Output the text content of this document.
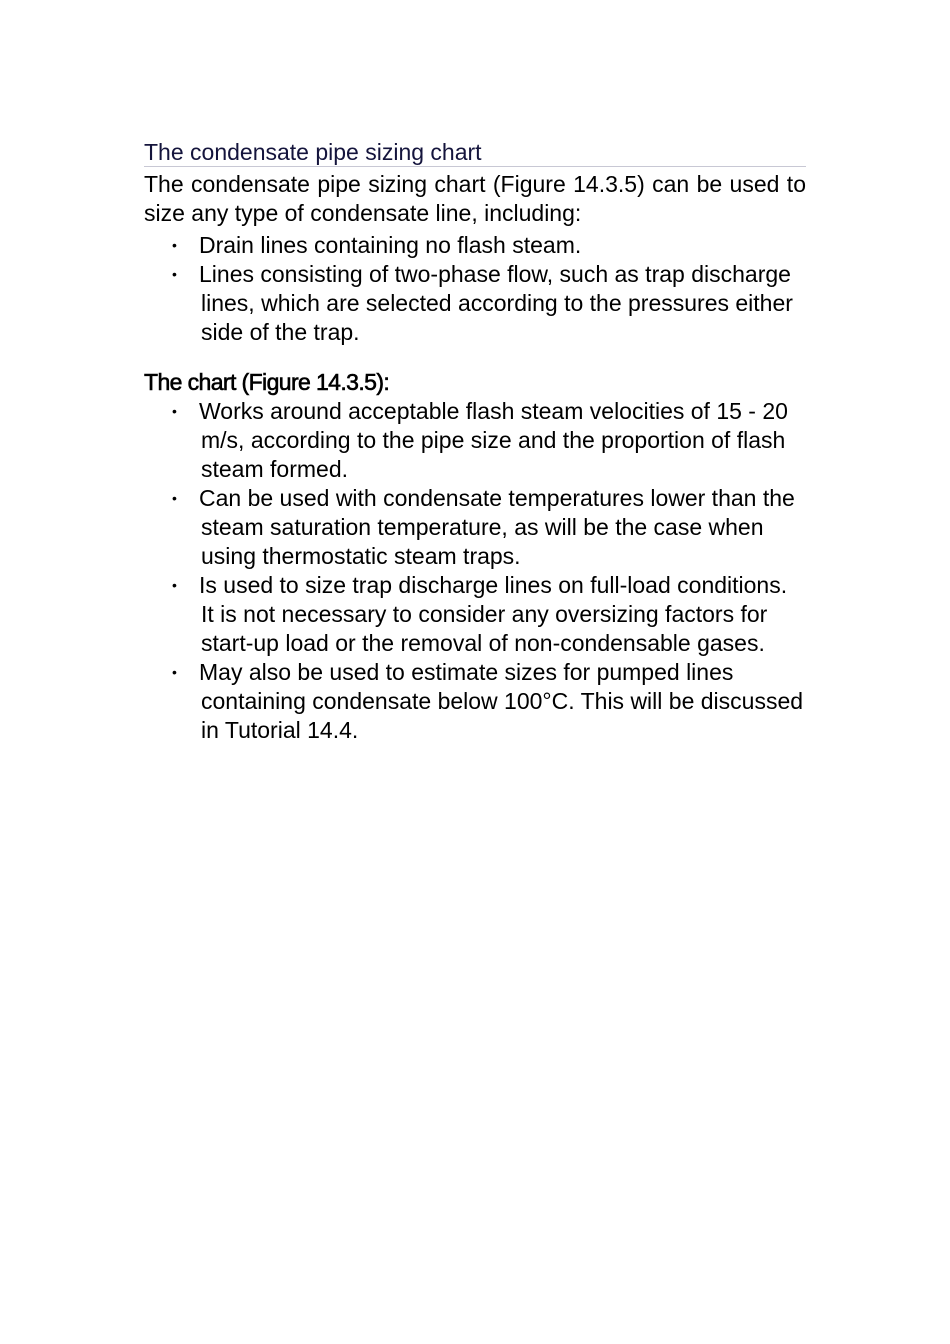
The condensate pipe sizing chart

The condensate pipe sizing chart (Figure 14.3.5) can be used to size any type of condensate line, including:

• Drain lines containing no flash steam.
• Lines consisting of two-phase flow, such as trap discharge lines, which are selected according to the pressures either side of the trap.

The chart (Figure 14.3.5):

• Works around acceptable flash steam velocities of 15 - 20 m/s, according to the pipe size and the proportion of flash steam formed.
• Can be used with condensate temperatures lower than the steam saturation temperature, as will be the case when using thermostatic steam traps.
• Is used to size trap discharge lines on full-load conditions. It is not necessary to consider any oversizing factors for start-up load or the removal of non-condensable gases.
• May also be used to estimate sizes for pumped lines containing condensate below 100°C. This will be discussed in Tutorial 14.4.
